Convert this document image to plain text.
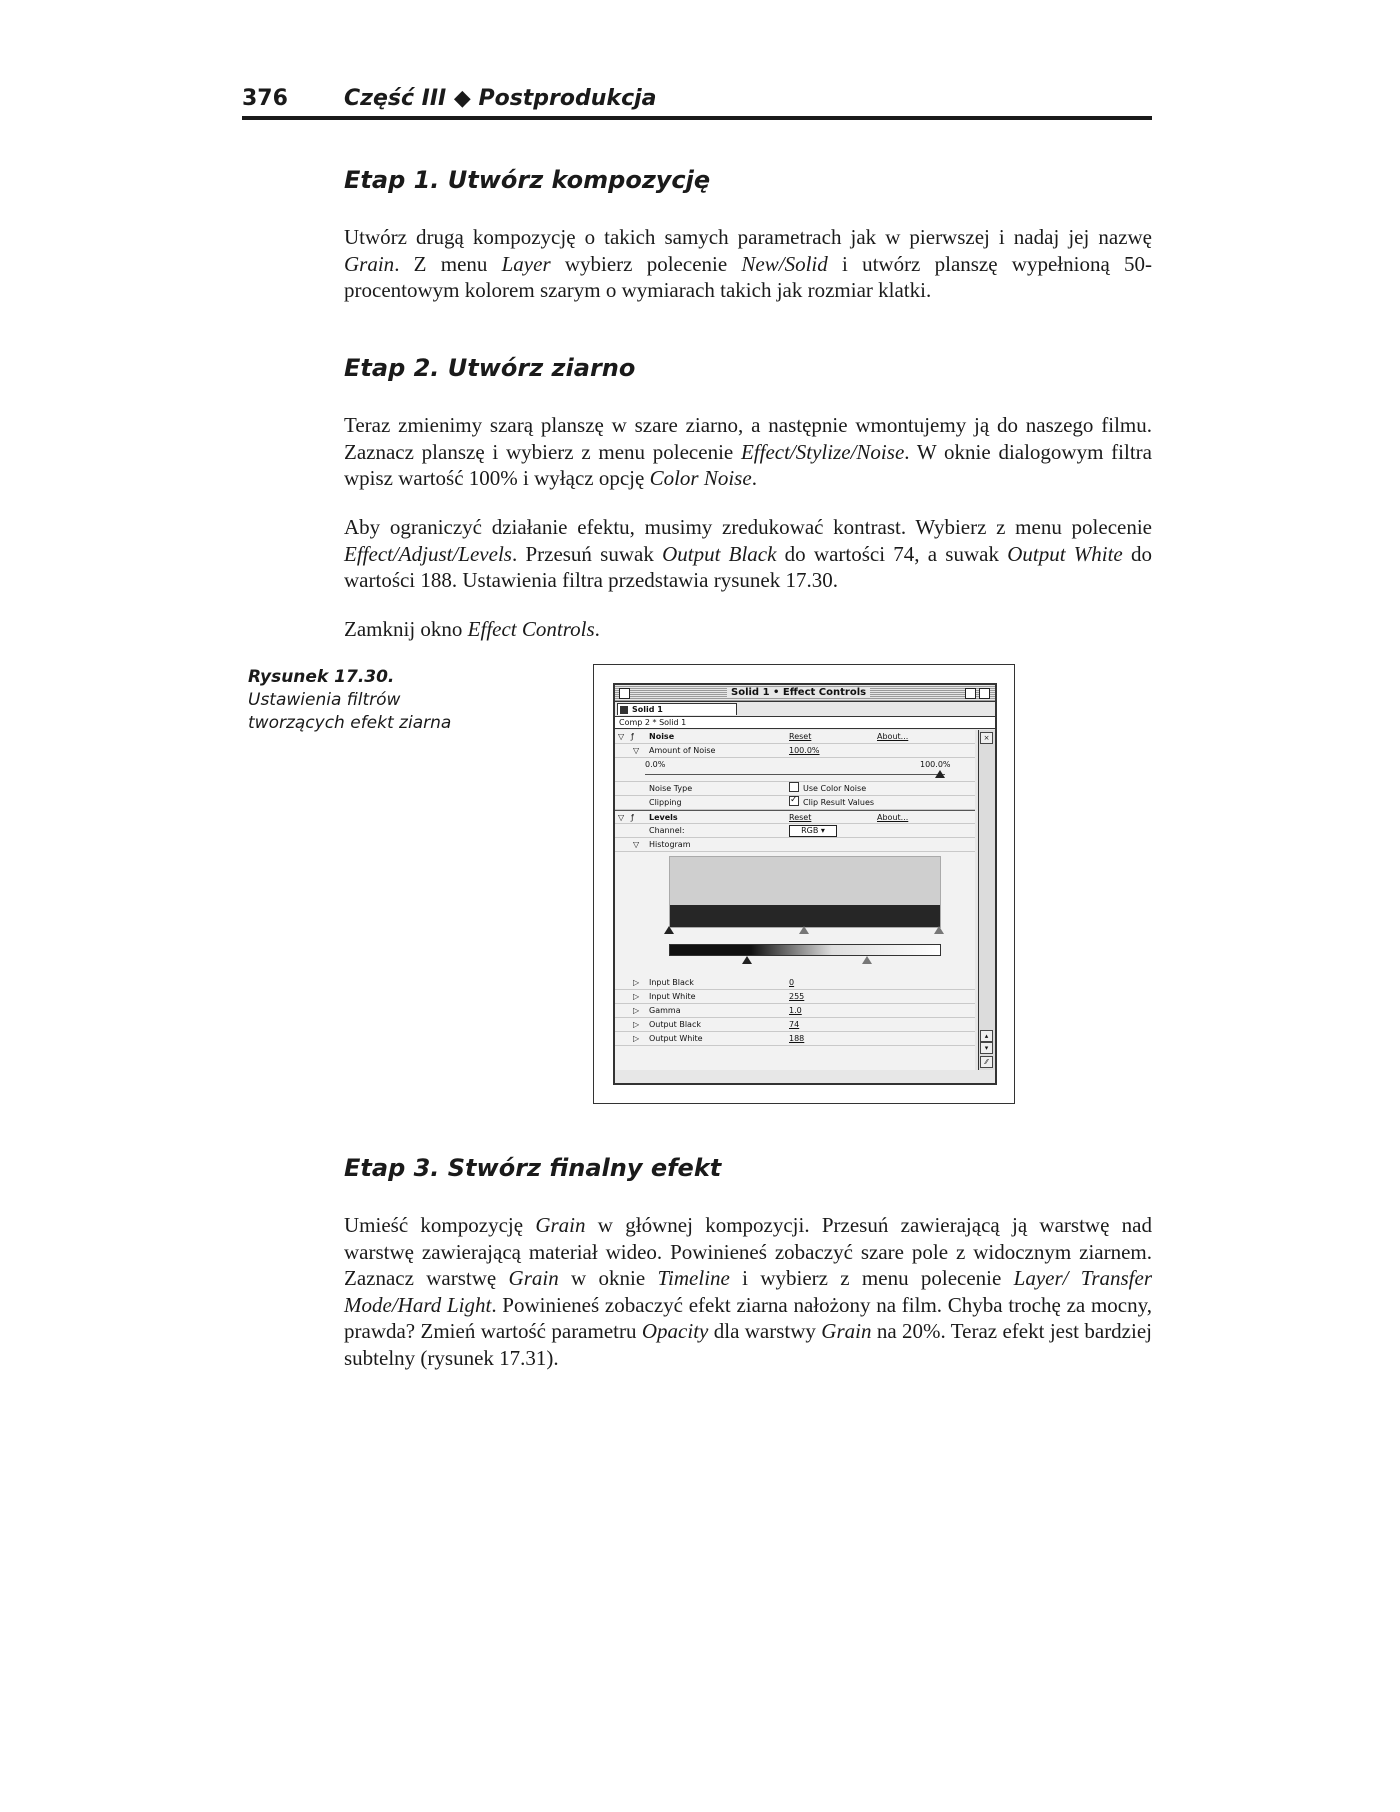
376	Część III ◆ Postprodukcja
Etap 1. Utwórz kompozycję

Utwórz drugą kompozycję o takich samych parametrach jak w pierwszej i nadaj jej nazwę Grain. Z menu Layer wybierz polecenie New/Solid i utwórz planszę wypełnioną 50-procentowym kolorem szarym o wymiarach takich jak rozmiar klatki.

Etap 2. Utwórz ziarno

Teraz zmienimy szarą planszę w szare ziarno, a następnie wmontujemy ją do naszego filmu. Zaznacz planszę i wybierz z menu polecenie Effect/Stylize/Noise. W oknie dialogowym filtra wpisz wartość 100% i wyłącz opcję Color Noise.

Aby ograniczyć działanie efektu, musimy zredukować kontrast. Wybierz z menu polecenie Effect/Adjust/Levels. Przesuń suwak Output Black do wartości 74, a suwak Output White do wartości 188. Ustawienia filtra przedstawia rysunek 17.30.

Zamknij okno Effect Controls.

Rysunek 17.30.
Ustawienia filtrów tworzących efekt ziarna
Solid 1 • Effect Controls
Solid 1
Comp 2 * Solid 1
▽ ƒ Noise	Reset	About...
▽ Amount of Noise	100.0%
0.0%	100.0%
Noise Type	Use Color Noise
Clipping ✓	Clip Result Values
▽ ƒ Levels	Reset	About...
Channel:	RGB ▾
▽ Histogram
▷ Input Black	0
▷ Input White	255
▷ Gamma	1.0
▷ Output Black	74
▷ Output White	188
×
▴
▾
⁄⁄
Etap 3. Stwórz finalny efekt

Umieść kompozycję Grain w głównej kompozycji. Przesuń zawierającą ją warstwę nad warstwę zawierającą materiał wideo. Powinieneś zobaczyć szare pole z widocznym ziarnem. Zaznacz warstwę Grain w oknie Timeline i wybierz z menu polecenie Layer/ Transfer Mode/Hard Light. Powinieneś zobaczyć efekt ziarna nałożony na film. Chyba trochę za mocny, prawda? Zmień wartość parametru Opacity dla warstwy Grain na 20%. Teraz efekt jest bardziej subtelny (rysunek 17.31).
